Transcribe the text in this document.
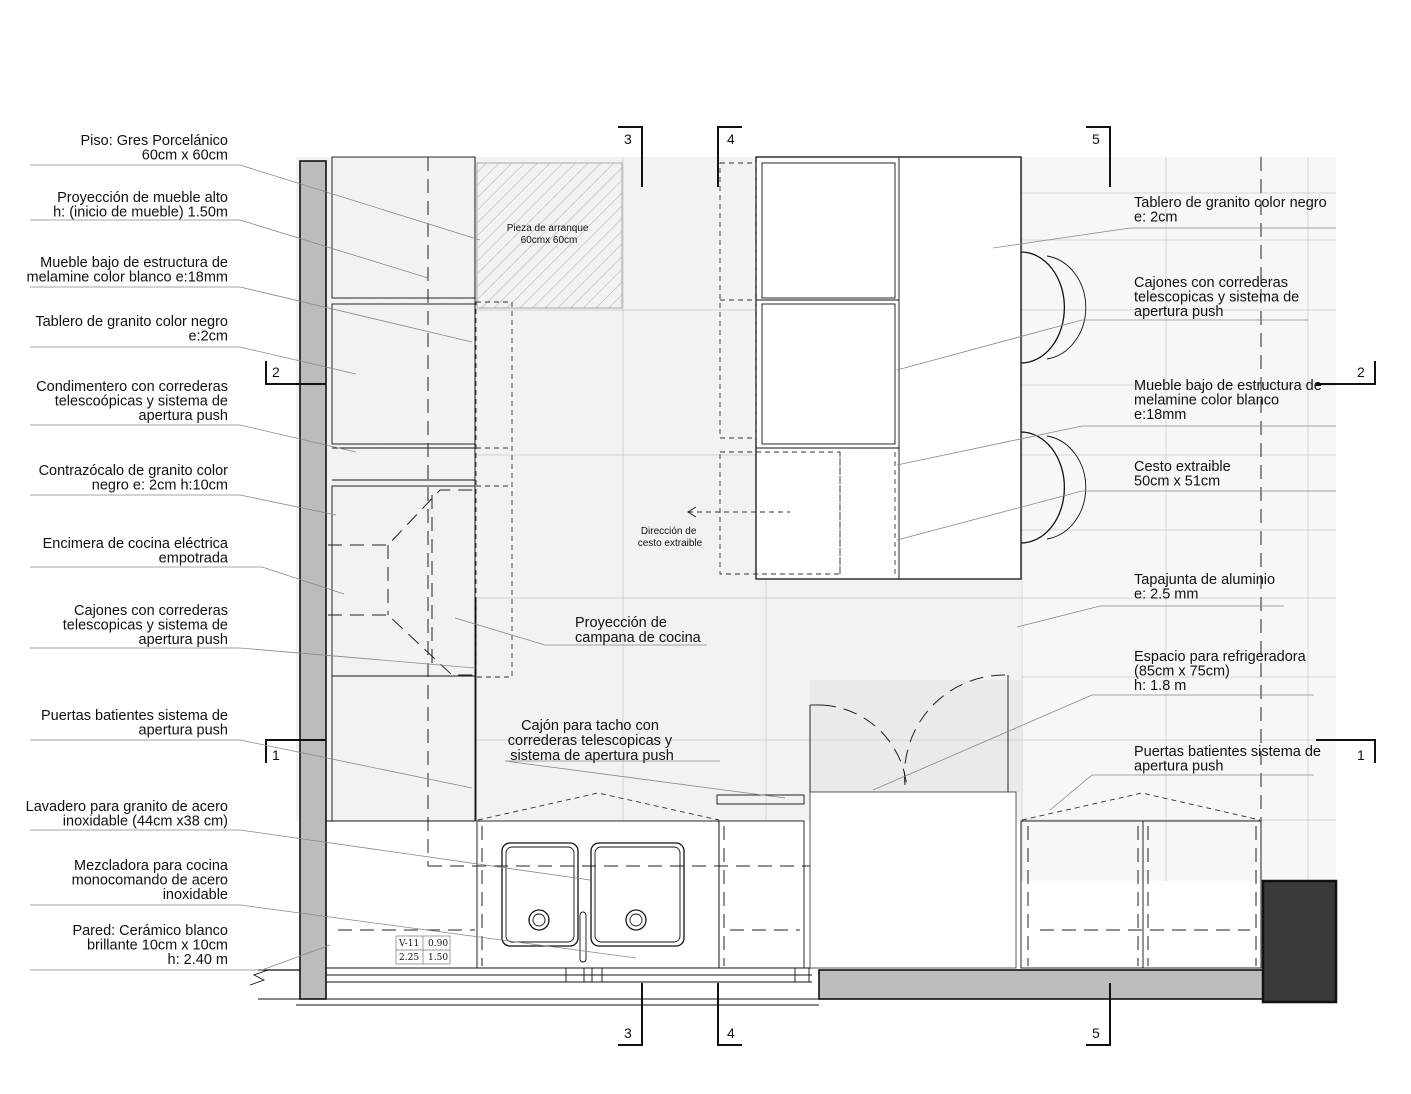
3
3
4
4
5
5
2	2
1	1
V-11 0.90
2.25 1.50
Piso: Gres Porcelánico 60cm x 60cm
Proyección de mueble alto h: (inicio de mueble) 1.50m
Mueble bajo de estructura de melamine color blanco e:18mm
Tablero de granito color negro e:2cm
Condimentero con correderas telescoópicas y sistema de apertura push
Contrazócalo de granito color negro e: 2cm h:10cm
Encimera de cocina eléctrica empotrada
Cajones con correderas telescopicas y sistema de apertura push
Puertas batientes sistema de apertura push
Lavadero para granito de acero inoxidable (44cm x38 cm)
Mezcladora para cocina monocomando de acero inoxidable
Pared: Cerámico blanco brillante 10cm x 10cm h: 2.40 m
Tablero de granito color negro e: 2cm
Cajones con correderas telescopicas y sistema de apertura push
Mueble bajo de estructura de melamine color blanco e:18mm
Cesto extraible 50cm x 51cm
Tapajunta de aluminio e: 2.5 mm
Espacio para refrigeradora (85cm x 75cm) h: 1.8 m
Puertas batientes sistema de apertura push
Proyección de campana de cocina
Cajón para tacho con correderas telescopicas y sistema de apertura push
Pieza de arranque 60cmx 60cm
Dirección de cesto extraible
